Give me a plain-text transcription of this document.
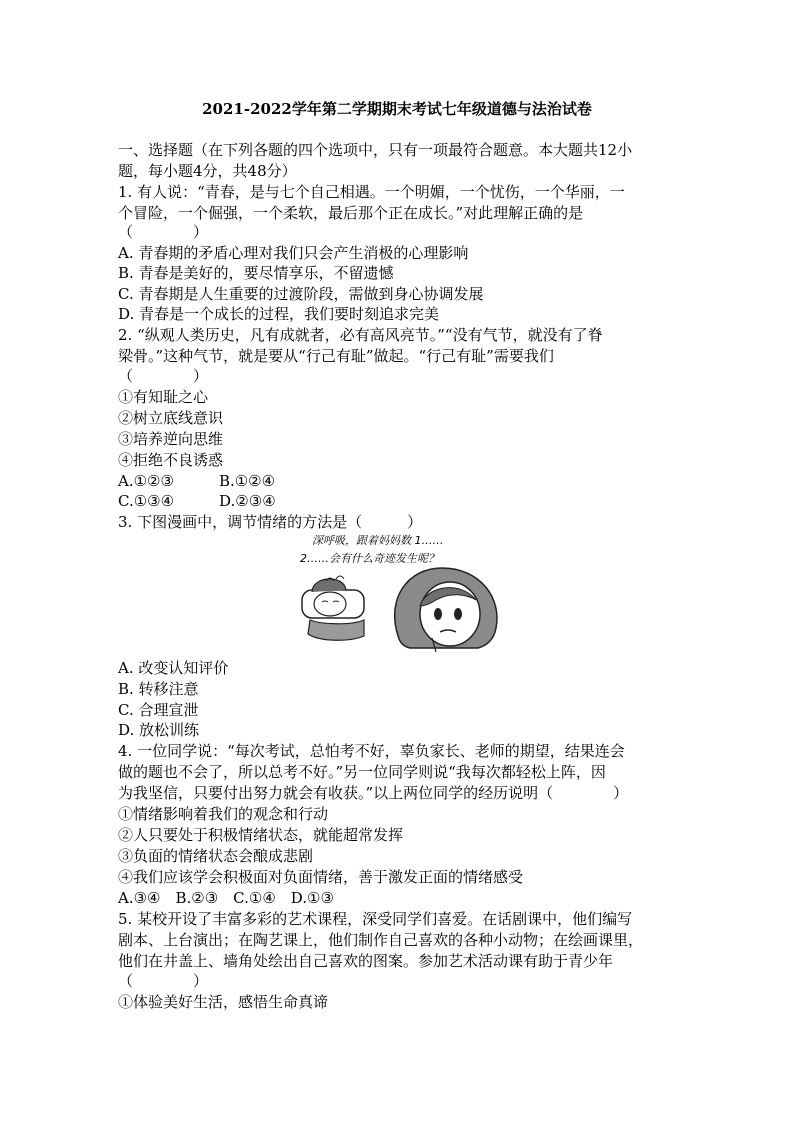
2021-2022学年第二学期期末考试七年级道德与法治试卷
一、选择题（在下列各题的四个选项中，只有一项最符合题意。本大题共12小
题，每小题4分，共48分）
1. 有人说：“青春，是与七个自己相遇。一个明媚，一个忧伤，一个华丽，一
个冒险，一个倔强，一个柔软，最后那个正在成长。”对此理解正确的是
（　　　　）
A. 青春期的矛盾心理对我们只会产生消极的心理影响
B. 青春是美好的，要尽情享乐，不留遗憾
C. 青春期是人生重要的过渡阶段，需做到身心协调发展
D. 青春是一个成长的过程，我们要时刻追求完美
2. “纵观人类历史，凡有成就者，必有高风亮节。”“没有气节，就没有了脊
梁骨。”这种气节，就是要从“行己有耻”做起。“行己有耻”需要我们
（　　　　）
①有知耻之心
②树立底线意识
③培养逆向思维
④拒绝不良诱惑
A.①②③　　　B.①②④
C.①③④　　　D.②③④
3. 下图漫画中，调节情绪的方法是（　　　）
深呼吸，跟着妈妈数 1……
2……会有什么奇迹发生呢？
A. 改变认知评价
B. 转移注意
C. 合理宣泄
D. 放松训练
4. 一位同学说：“每次考试，总怕考不好，辜负家长、老师的期望，结果连会
做的题也不会了，所以总考不好。”另一位同学则说“我每次都轻松上阵，因
为我坚信，只要付出努力就会有收获。”以上两位同学的经历说明（　　　　）
①情绪影响着我们的观念和行动
②人只要处于积极情绪状态，就能超常发挥
③负面的情绪状态会酿成悲剧
④我们应该学会积极面对负面情绪，善于激发正面的情绪感受
A.③④　B.②③　C.①④　D.①③
5. 某校开设了丰富多彩的艺术课程，深受同学们喜爱。在话剧课中，他们编写
剧本、上台演出；在陶艺课上，他们制作自己喜欢的各种小动物；在绘画课里，
他们在井盖上、墙角处绘出自己喜欢的图案。参加艺术活动课有助于青少年
（　　　　）
①体验美好生活，感悟生命真谛
